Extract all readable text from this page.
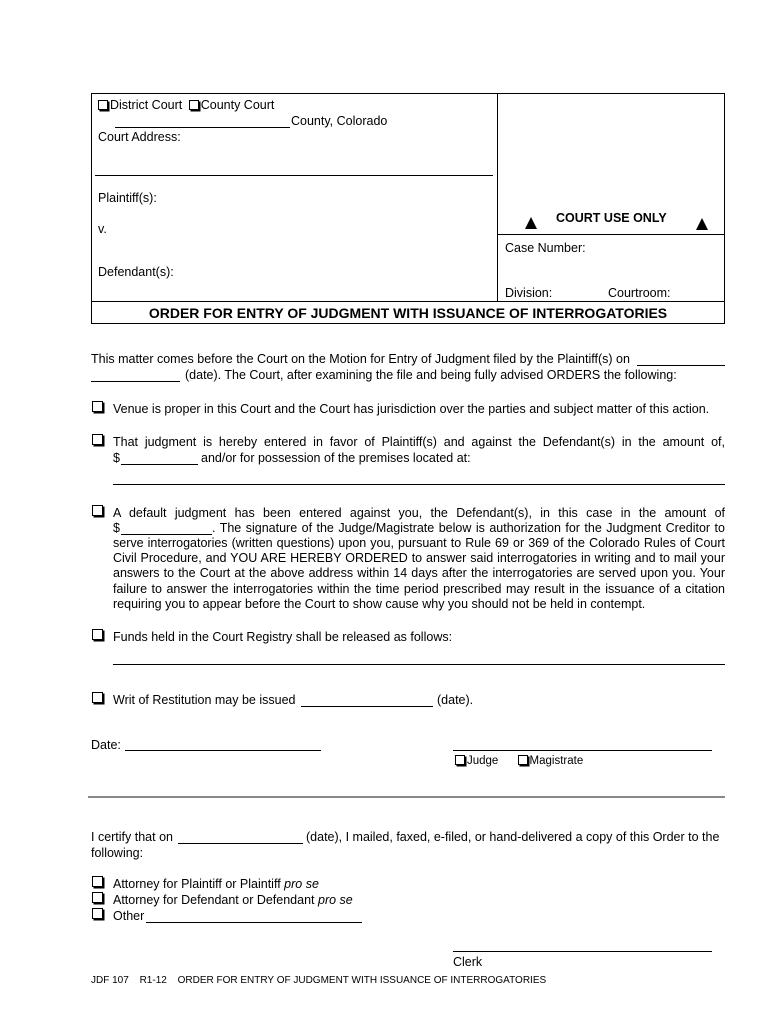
District Court County Court
County, Colorado
Court Address:
Plaintiff(s):
v.
Defendant(s):
COURT USE ONLY
Case Number:
Division:	Courtroom:
ORDER FOR ENTRY OF JUDGMENT WITH ISSUANCE OF INTERROGATORIES
This matter comes before the Court on the Motion for Entry of Judgment filed by the Plaintiff(s) on
(date). The Court, after examining the file and being fully advised ORDERS the following:
Venue is proper in this Court and the Court has jurisdiction over the parties and subject matter of this action.
That judgment is hereby entered in favor of Plaintiff(s) and against the Defendant(s) in the amount of,
$	and/or for possession of the premises located at:
A default judgment has been entered against you, the Defendant(s), in this case in the amount of
$	. The signature of the Judge/Magistrate below is authorization for the Judgment Creditor to
serve interrogatories (written questions) upon you, pursuant to Rule 69 or 369 of the Colorado Rules of Court
Civil Procedure, and YOU ARE HEREBY ORDERED to answer said interrogatories in writing and to mail your
answers to the Court at the above address within 14 days after the interrogatories are served upon you. Your
failure to answer the interrogatories within the time period prescribed may result in the issuance of a citation
requiring you to appear before the Court to show cause why you should not be held in contempt.
Funds held in the Court Registry shall be released as follows:
Writ of Restitution may be issued	(date).
Date:
Judge	Magistrate
I certify that on	(date), I mailed, faxed, e-filed, or hand-delivered a copy of this Order to the
following:
Attorney for Plaintiff or Plaintiff pro se
Attorney for Defendant or Defendant pro se
Other
Clerk
JDF 107 R1-12 ORDER FOR ENTRY OF JUDGMENT WITH ISSUANCE OF INTERROGATORIES
